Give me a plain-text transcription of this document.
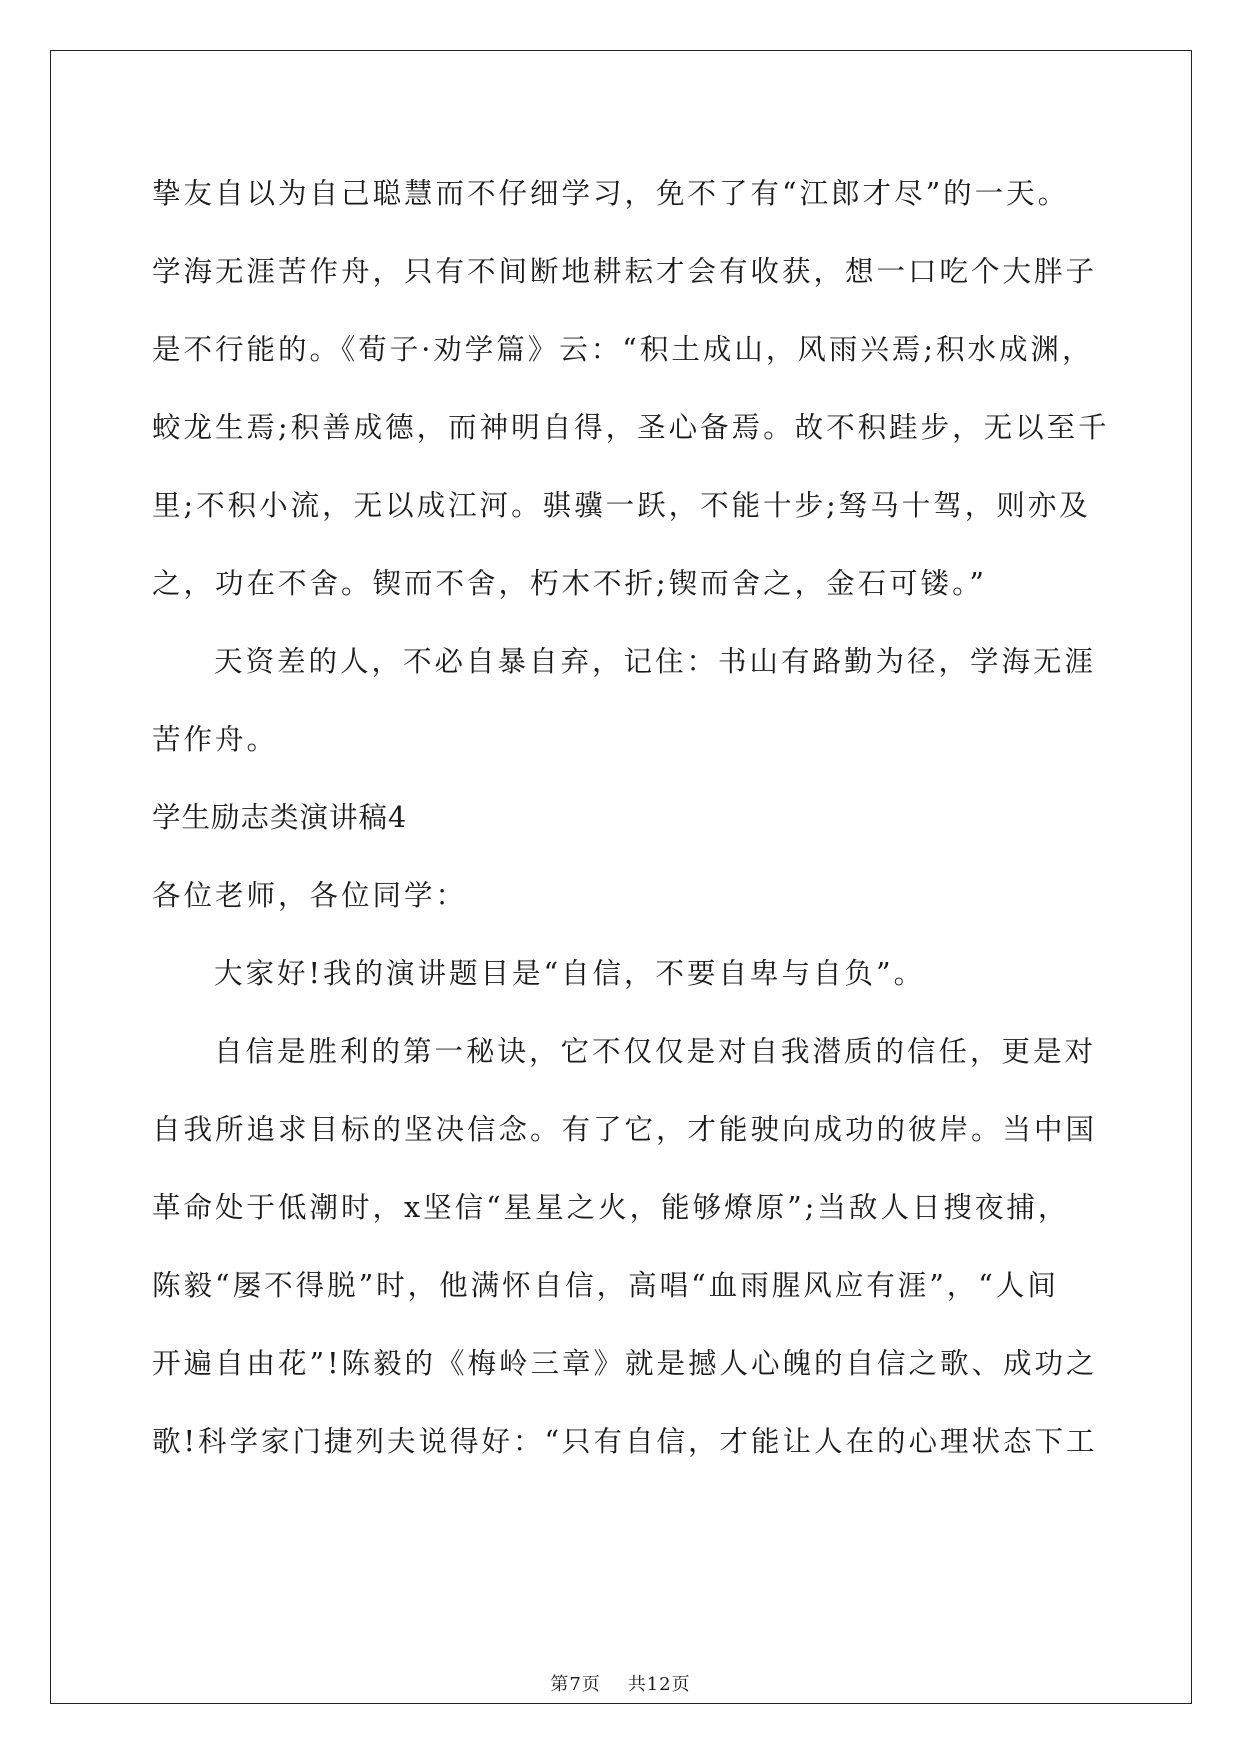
挚友自以为自己聪慧而不仔细学习，免不了有“江郎才尽”的一天。
学海无涯苦作舟，只有不间断地耕耘才会有收获，想一口吃个大胖子
是不行能的。《荀子·劝学篇》云：“积土成山，风雨兴焉;积水成渊，
蛟龙生焉;积善成德，而神明自得，圣心备焉。故不积跬步，无以至千
里;不积小流，无以成江河。骐骥一跃，不能十步;驽马十驾，则亦及
之，功在不舍。锲而不舍，朽木不折;锲而舍之，金石可镂。”
天资差的人，不必自暴自弃，记住：书山有路勤为径，学海无涯
苦作舟。
学生励志类演讲稿4
各位老师，各位同学：
大家好!我的演讲题目是“自信，不要自卑与自负”。
自信是胜利的第一秘诀，它不仅仅是对自我潜质的信任，更是对
自我所追求目标的坚决信念。有了它，才能驶向成功的彼岸。当中国
革命处于低潮时，x坚信“星星之火，能够燎原”;当敌人日搜夜捕，
陈毅“屡不得脱”时，他满怀自信，高唱“血雨腥风应有涯”，“人间
开遍自由花”!陈毅的《梅岭三章》就是撼人心魄的自信之歌、成功之
歌!科学家门捷列夫说得好：“只有自信，才能让人在的心理状态下工
第7页    共12页
